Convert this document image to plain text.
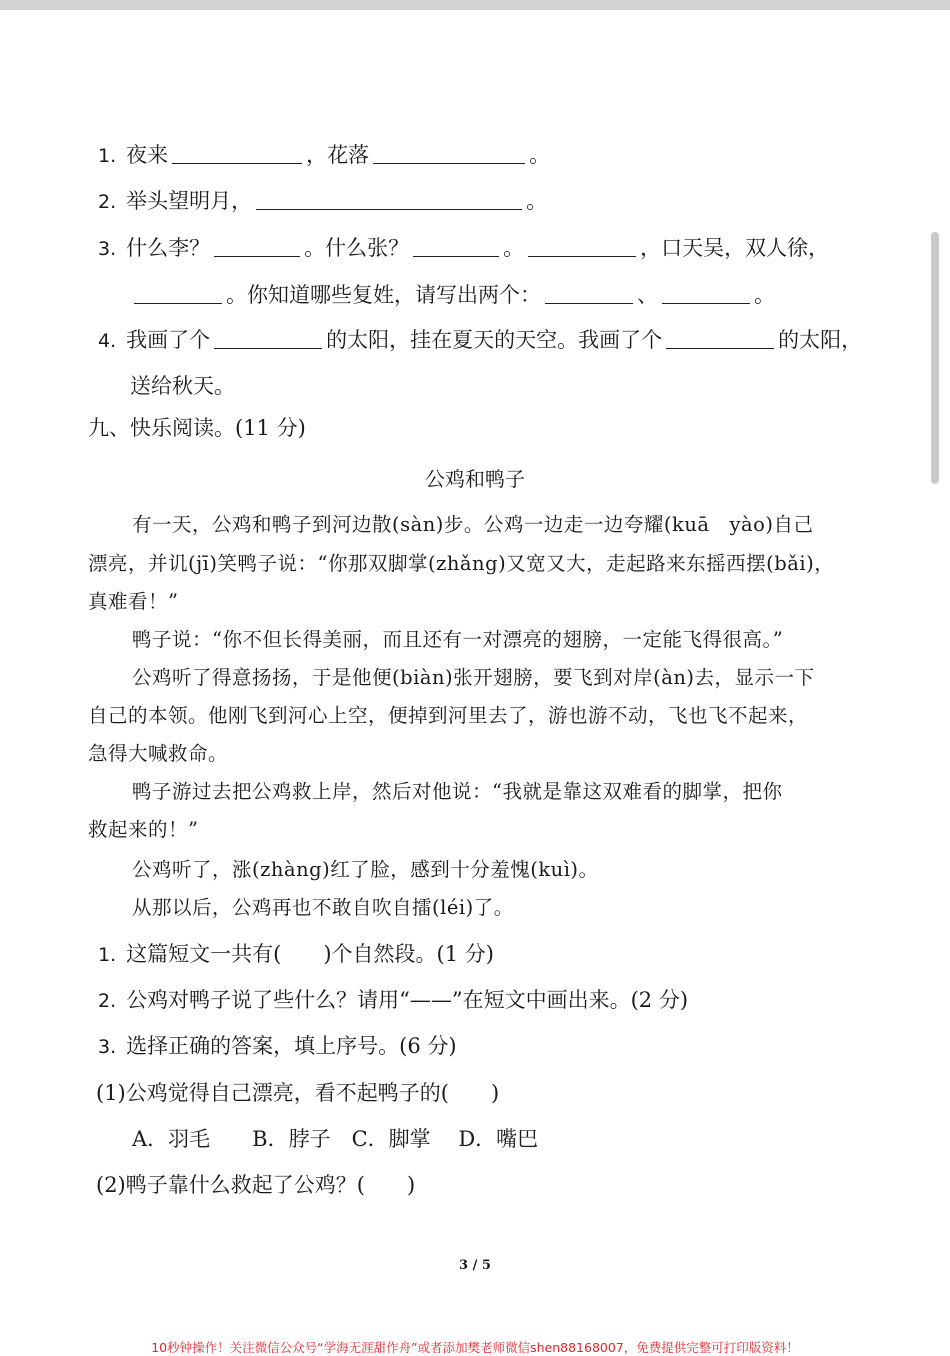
1. 夜来	，花落	。
2. 举头望明月，	。
3. 什么李？	。什么张？	。	，口天吴，双人徐，
。你知道哪些复姓，请写出两个：	、	。
4. 我画了个	的太阳，挂在夏天的天空。我画了个	的太阳，
送给秋天。
九、快乐阅读。(11 分)
公鸡和鸭子
有一天，公鸡和鸭子到河边散(sàn)步。公鸡一边走一边夸耀(kuā　yào)自己
漂亮，并讥(jī)笑鸭子说：“你那双脚掌(zhǎng)又宽又大，走起路来东摇西摆(bǎi)，
真难看！”
鸭子说：“你不但长得美丽，而且还有一对漂亮的翅膀，一定能飞得很高。”
公鸡听了得意扬扬，于是他便(biàn)张开翅膀，要飞到对岸(àn)去，显示一下
自己的本领。他刚飞到河心上空，便掉到河里去了，游也游不动，飞也飞不起来，
急得大喊救命。
鸭子游过去把公鸡救上岸，然后对他说：“我就是靠这双难看的脚掌，把你
救起来的！”
公鸡听了，涨(zhàng)红了脸，感到十分羞愧(kuì)。
从那以后，公鸡再也不敢自吹自擂(léi)了。
1. 这篇短文一共有(　　)个自然段。(1 分)
2. 公鸡对鸭子说了些什么？请用“——”在短文中画出来。(2 分)
3. 选择正确的答案，填上序号。(6 分)
(1)公鸡觉得自己漂亮，看不起鸭子的(　　)
A．羽毛　　B．脖子　C．脚掌　 D．嘴巴
(2)鸭子靠什么救起了公鸡？(　　)
3 / 5
10秒钟操作！关注微信公众号“学海无涯甜作舟”或者添加樊老师微信shen88168007，免费提供完整可打印版资料！
